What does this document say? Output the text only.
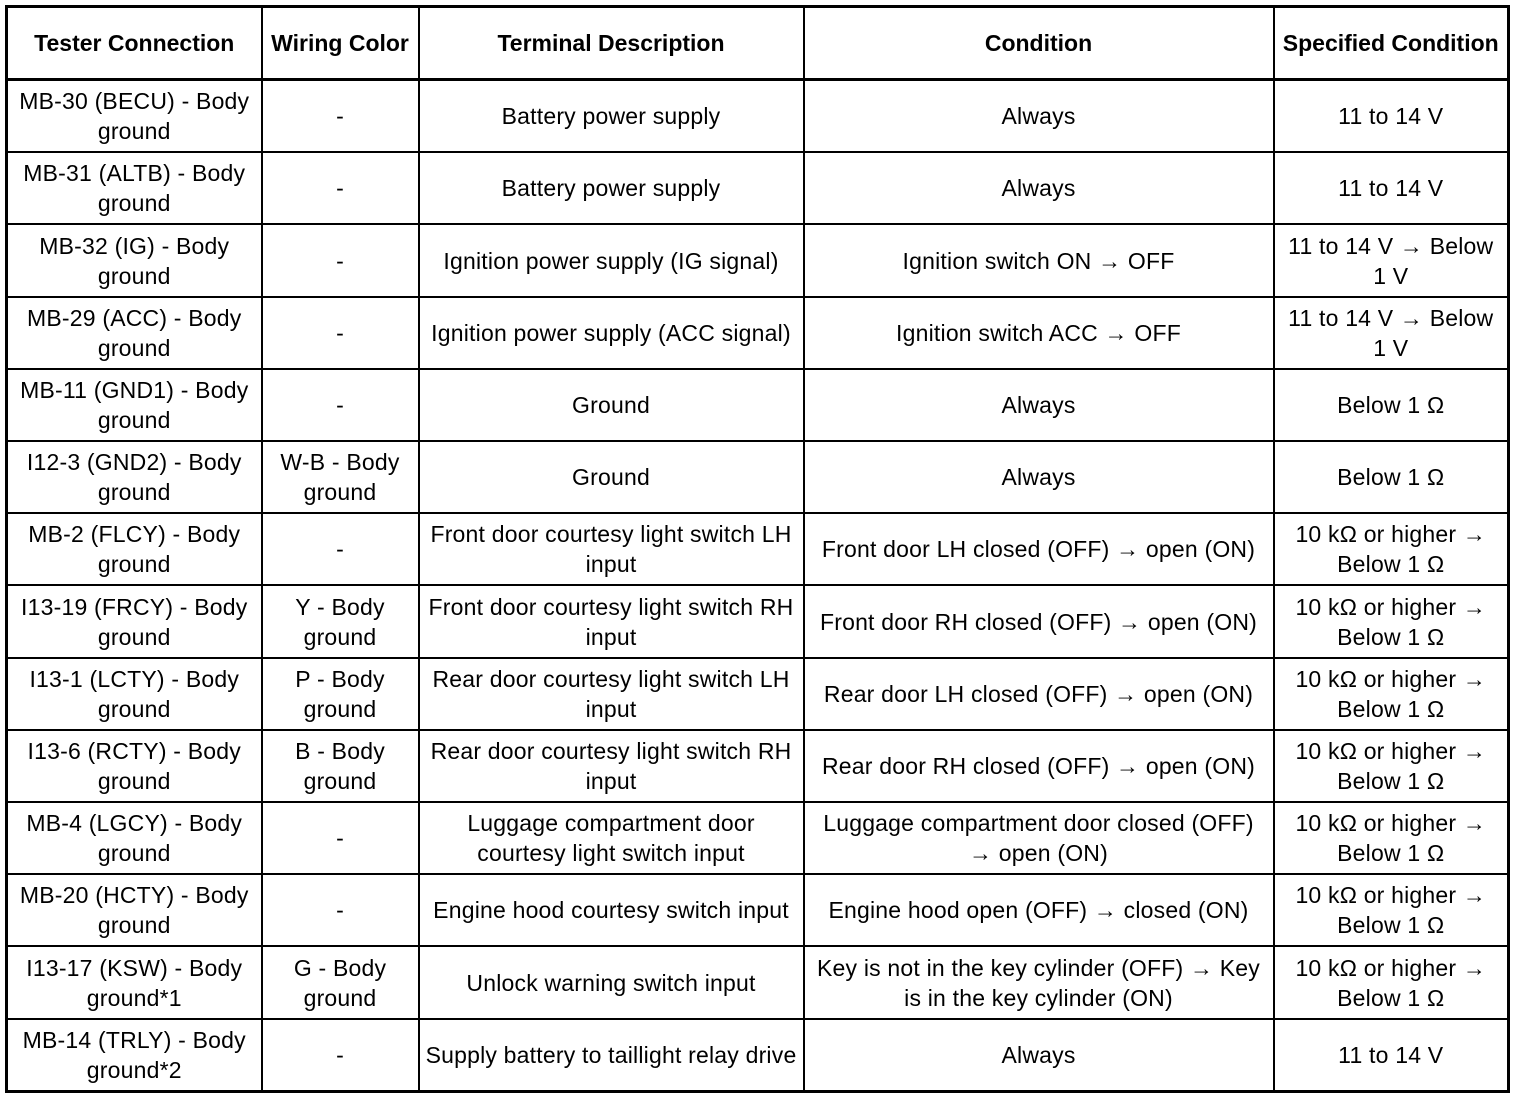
Tester Connection	Wiring Color	Terminal Description	Condition	Specified Condition
MB-30 (BECU) - Body ground	-	Battery power supply	Always	11 to 14 V
MB-31 (ALTB) - Body ground	-	Battery power supply	Always	11 to 14 V
MB-32 (IG) - Body ground	-	Ignition power supply (IG signal)	Ignition switch ON → OFF	11 to 14 V → Below 1 V
MB-29 (ACC) - Body ground	-	Ignition power supply (ACC signal)	Ignition switch ACC → OFF	11 to 14 V → Below 1 V
MB-11 (GND1) - Body ground	-	Ground	Always	Below 1 Ω
I12-3 (GND2) - Body ground	W-B - Body ground	Ground	Always	Below 1 Ω
MB-2 (FLCY) - Body ground	-	Front door courtesy light switch LH input	Front door LH closed (OFF) → open (ON)	10 kΩ or higher → Below 1 Ω
I13-19 (FRCY) - Body ground	Y - Body ground	Front door courtesy light switch RH input	Front door RH closed (OFF) → open (ON)	10 kΩ or higher → Below 1 Ω
I13-1 (LCTY) - Body ground	P - Body ground	Rear door courtesy light switch LH input	Rear door LH closed (OFF) → open (ON)	10 kΩ or higher → Below 1 Ω
I13-6 (RCTY) - Body ground	B - Body ground	Rear door courtesy light switch RH input	Rear door RH closed (OFF) → open (ON)	10 kΩ or higher → Below 1 Ω
MB-4 (LGCY) - Body ground	-	Luggage compartment door courtesy light switch input	Luggage compartment door closed (OFF) → open (ON)	10 kΩ or higher → Below 1 Ω
MB-20 (HCTY) - Body ground	-	Engine hood courtesy switch input	Engine hood open (OFF) → closed (ON)	10 kΩ or higher → Below 1 Ω
I13-17 (KSW) - Body ground*1	G - Body ground	Unlock warning switch input	Key is not in the key cylinder (OFF) → Key is in the key cylinder (ON)	10 kΩ or higher → Below 1 Ω
MB-14 (TRLY) - Body ground*2	-	Supply battery to taillight relay drive	Always	11 to 14 V
